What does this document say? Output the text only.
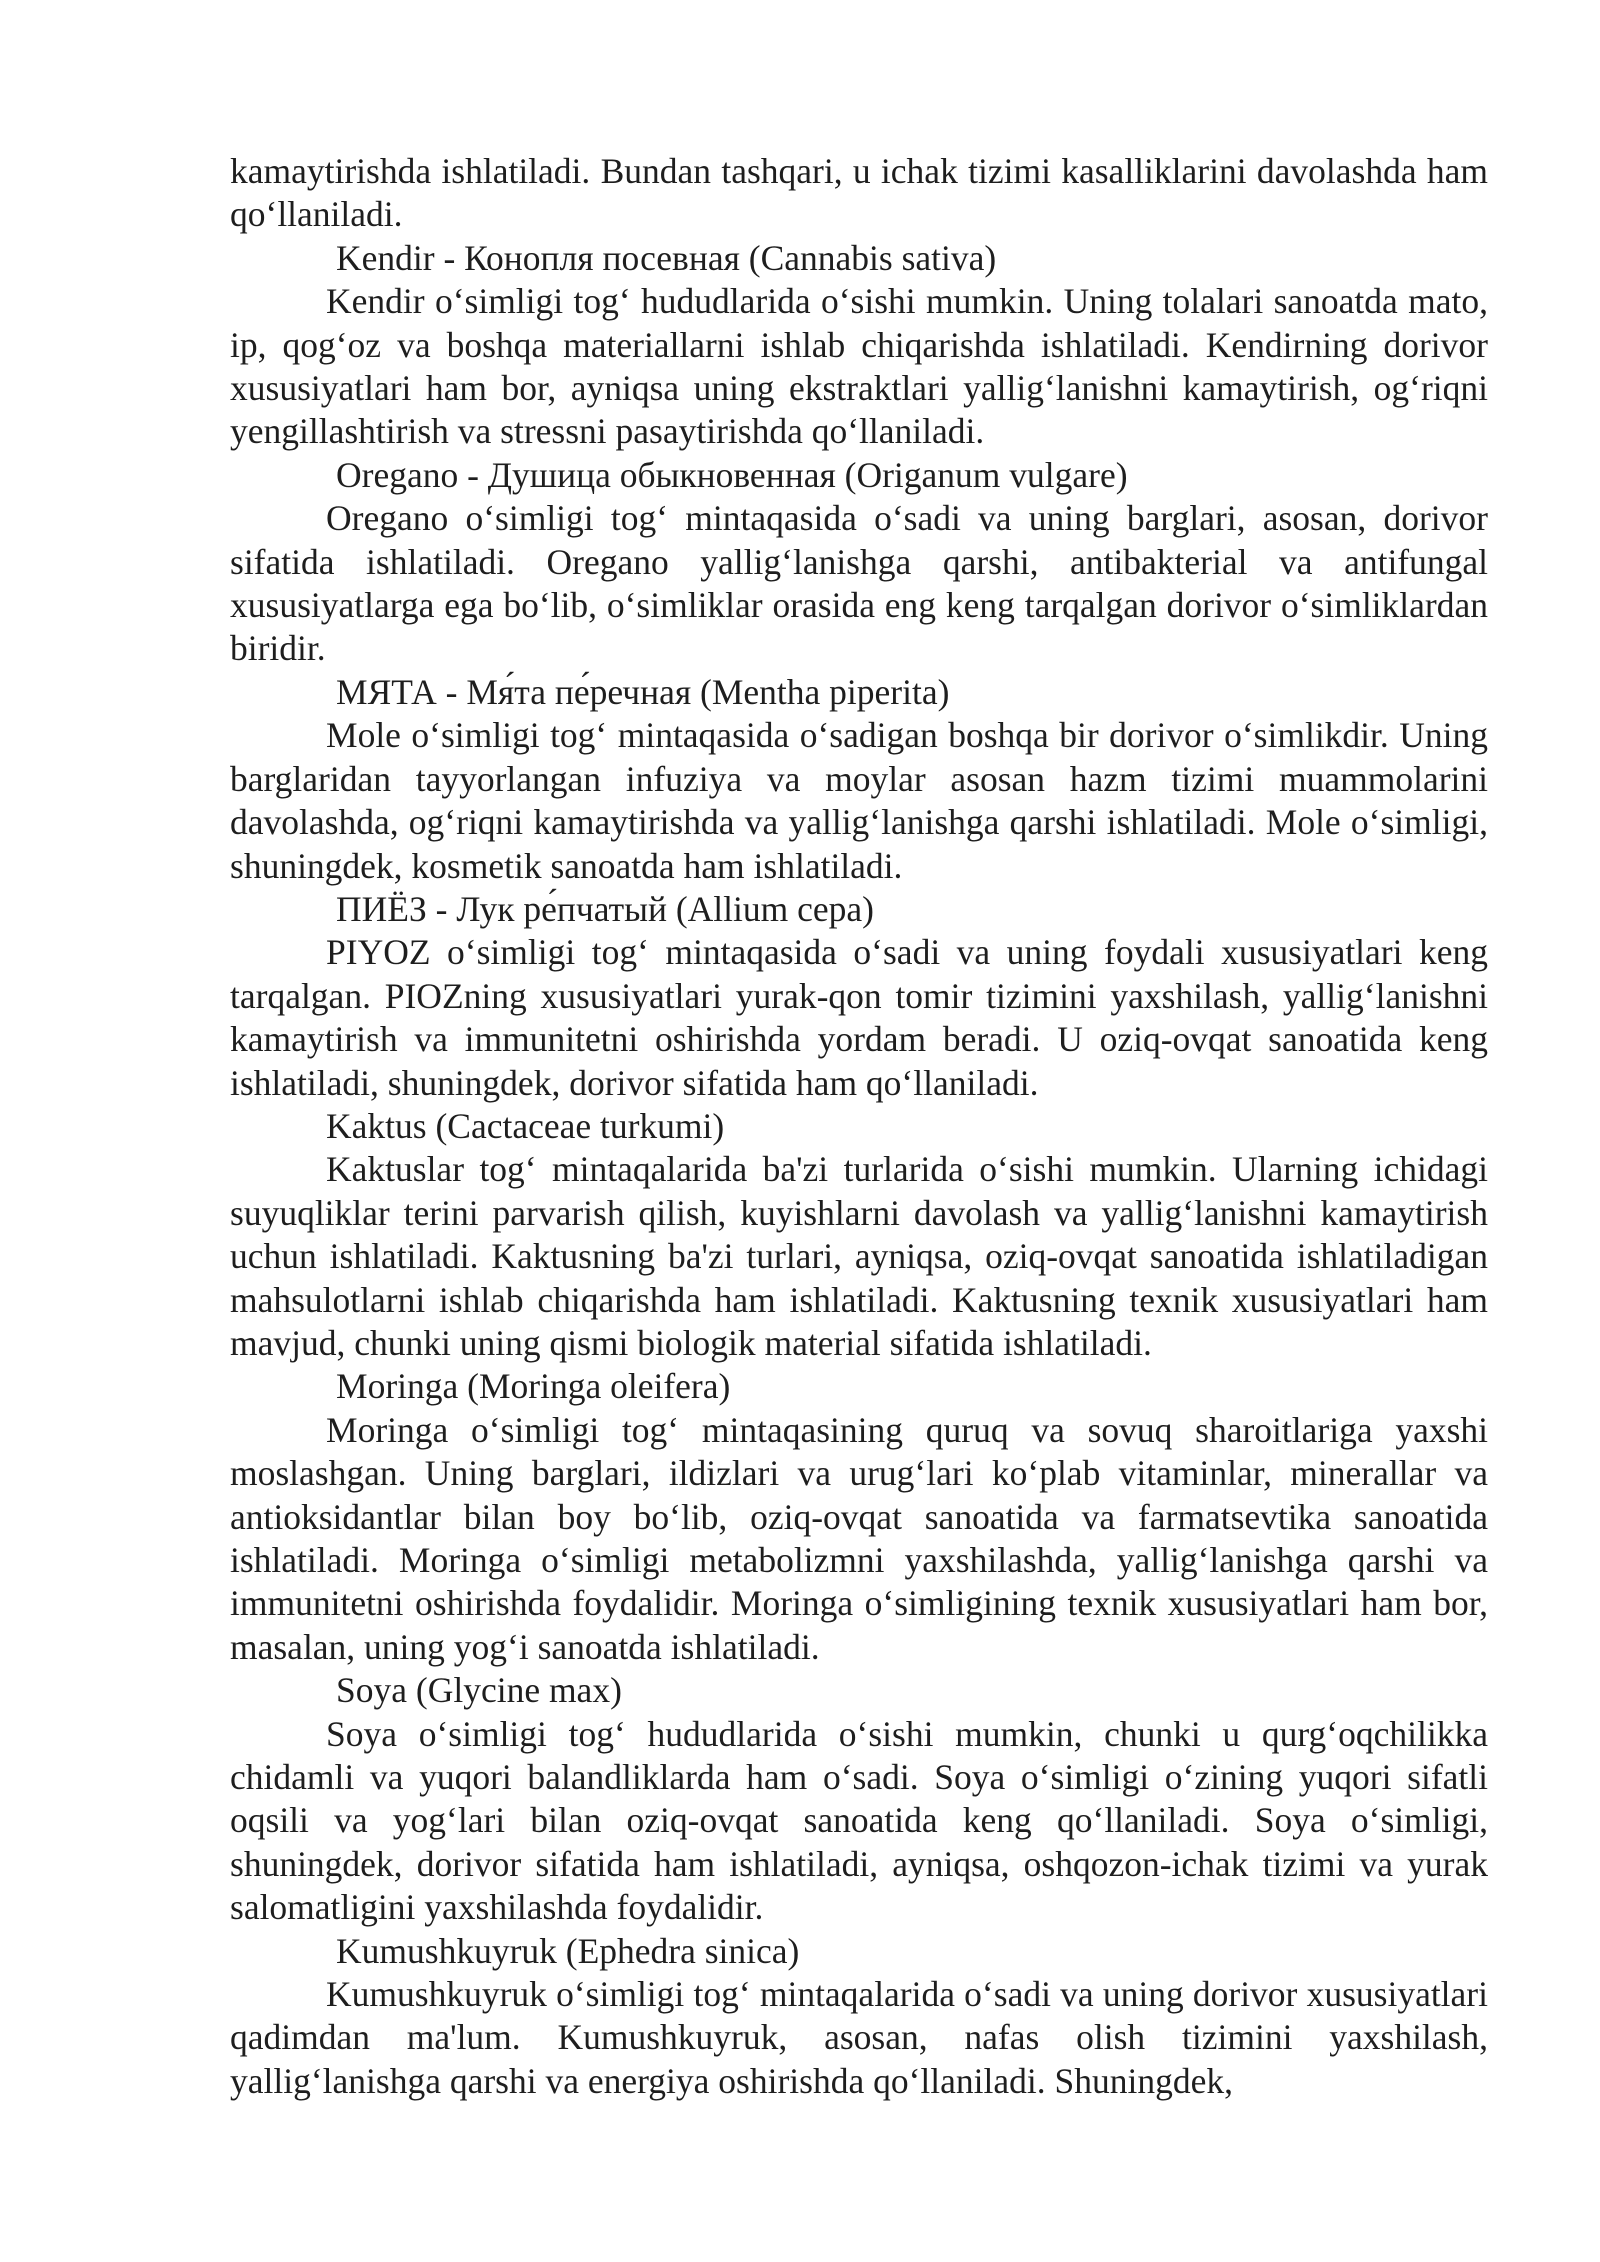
kamaytirishda ishlatiladi. Bundan tashqari, u ichak tizimi kasalliklarini davolashda ham qo‘llaniladi.

Kendir - Конопля посевная (Cannabis sativa)

Kendir o‘simligi tog‘ hududlarida o‘sishi mumkin. Uning tolalari sanoatda mato, ip, qog‘oz va boshqa materiallarni ishlab chiqarishda ishlatiladi. Kendirning dorivor xususiyatlari ham bor, ayniqsa uning ekstraktlari yallig‘lanishni kamaytirish, og‘riqni yengillashtirish va stressni pasaytirishda qo‘llaniladi.

Oregano - Душица обыкновенная (Origanum vulgare)

Oregano o‘simligi tog‘ mintaqasida o‘sadi va uning barglari, asosan, dorivor sifatida ishlatiladi. Oregano yallig‘lanishga qarshi, antibakterial va antifungal xususiyatlarga ega bo‘lib, o‘simliklar orasida eng keng tarqalgan dorivor o‘simliklardan biridir.

МЯТА - Мя́та пе́речная (Mentha piperita)

Mole o‘simligi tog‘ mintaqasida o‘sadigan boshqa bir dorivor o‘simlikdir. Uning barglaridan tayyorlangan infuziya va moylar asosan hazm tizimi muammolarini davolashda, og‘riqni kamaytirishda va yallig‘lanishga qarshi ishlatiladi. Mole o‘simligi, shuningdek, kosmetik sanoatda ham ishlatiladi.

ПИЁЗ - Лук ре́пчатый (Allium cepa)

PIYOZ o‘simligi tog‘ mintaqasida o‘sadi va uning foydali xususiyatlari keng tarqalgan. PIOZning xususiyatlari yurak-qon tomir tizimini yaxshilash, yallig‘lanishni kamaytirish va immunitetni oshirishda yordam beradi. U oziq-ovqat sanoatida keng ishlatiladi, shuningdek, dorivor sifatida ham qo‘llaniladi.

Kaktus (Cactaceae turkumi)

Kaktuslar tog‘ mintaqalarida ba'zi turlarida o‘sishi mumkin. Ularning ichidagi suyuqliklar terini parvarish qilish, kuyishlarni davolash va yallig‘lanishni kamaytirish uchun ishlatiladi. Kaktusning ba'zi turlari, ayniqsa, oziq-ovqat sanoatida ishlatiladigan mahsulotlarni ishlab chiqarishda ham ishlatiladi. Kaktusning texnik xususiyatlari ham mavjud, chunki uning qismi biologik material sifatida ishlatiladi.

Moringa (Moringa oleifera)

Moringa o‘simligi tog‘ mintaqasining quruq va sovuq sharoitlariga yaxshi moslashgan. Uning barglari, ildizlari va urug‘lari ko‘plab vitaminlar, minerallar va antioksidantlar bilan boy bo‘lib, oziq-ovqat sanoatida va farmatsevtika sanoatida ishlatiladi. Moringa o‘simligi metabolizmni yaxshilashda, yallig‘lanishga qarshi va immunitetni oshirishda foydalidir. Moringa o‘simligining texnik xususiyatlari ham bor, masalan, uning yog‘i sanoatda ishlatiladi.

Soya (Glycine max)

Soya o‘simligi tog‘ hududlarida o‘sishi mumkin, chunki u qurg‘oqchilikka chidamli va yuqori balandliklarda ham o‘sadi. Soya o‘simligi o‘zining yuqori sifatli oqsili va yog‘lari bilan oziq-ovqat sanoatida keng qo‘llaniladi. Soya o‘simligi, shuningdek, dorivor sifatida ham ishlatiladi, ayniqsa, oshqozon-ichak tizimi va yurak salomatligini yaxshilashda foydalidir.

Kumushkuyruk (Ephedra sinica)

Kumushkuyruk o‘simligi tog‘ mintaqalarida o‘sadi va uning dorivor xususiyatlari qadimdan ma'lum. Kumushkuyruk, asosan, nafas olish tizimini yaxshilash, yallig‘lanishga qarshi va energiya oshirishda qo‘llaniladi. Shuningdek,
